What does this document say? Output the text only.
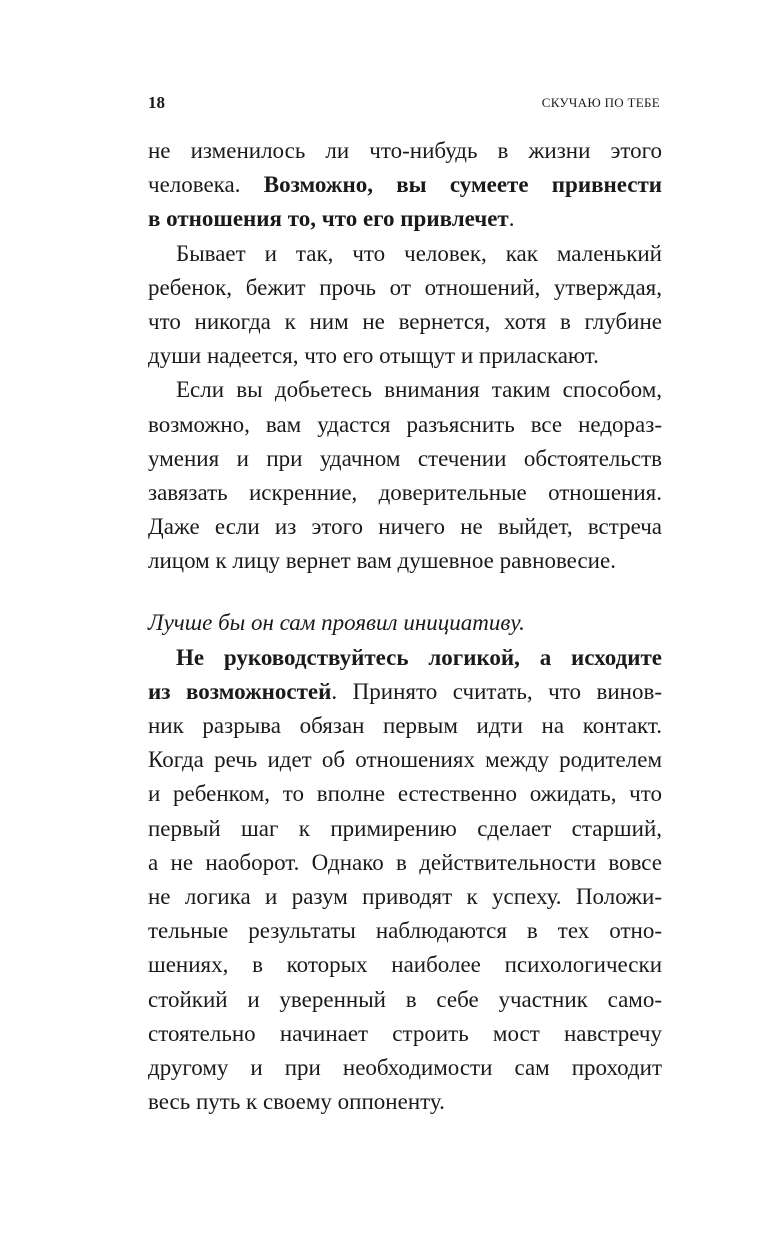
18	СКУЧАЮ ПО ТЕБЕ
не изменилось ли что-нибудь в жизни этого
человека. Возможно, вы сумеете привнести
в отношения то, что его привлечет.
Бывает и так, что человек, как маленький
ребенок, бежит прочь от отношений, утверждая,
что никогда к ним не вернется, хотя в глубине
души надеется, что его отыщут и приласкают.
Если вы добьетесь внимания таким способом,
возможно, вам удастся разъяснить все недораз-
умения и при удачном стечении обстоятельств
завязать искренние, доверительные отношения.
Даже если из этого ничего не выйдет, встреча
лицом к лицу вернет вам душевное равновесие.
Лучше бы он сам проявил инициативу.
Не руководствуйтесь логикой, а исходите
из возможностей. Принято считать, что винов-
ник разрыва обязан первым идти на контакт.
Когда речь идет об отношениях между родителем
и ребенком, то вполне естественно ожидать, что
первый шаг к примирению сделает старший,
а не наоборот. Однако в действительности вовсе
не логика и разум приводят к успеху. Положи-
тельные результаты наблюдаются в тех отно-
шениях, в которых наиболее психологически
стойкий и уверенный в себе участник само-
стоятельно начинает строить мост навстречу
другому и при необходимости сам проходит
весь путь к своему оппоненту.
